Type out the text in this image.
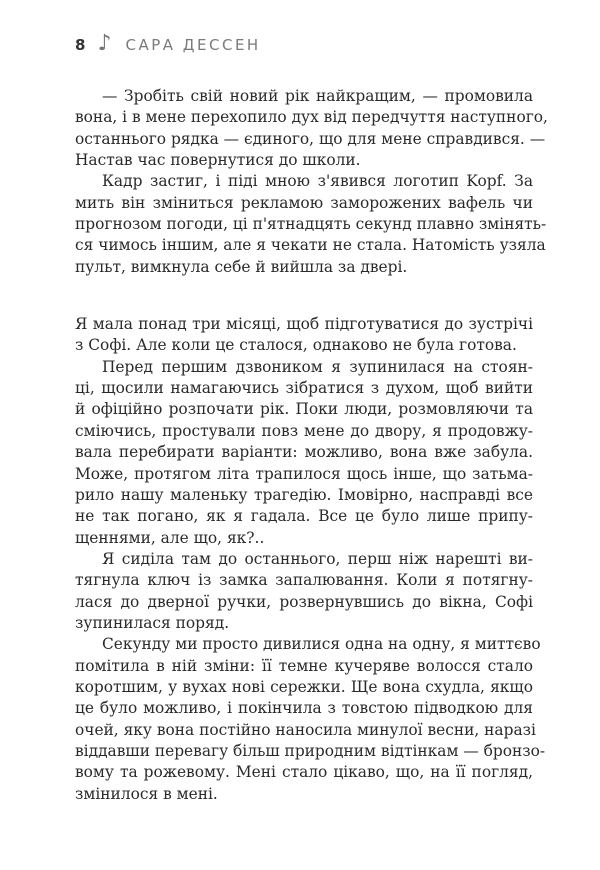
8 ♪ САРА ДЕССЕН
— Зробіть свій новий рік найкращим, — промовила
вона, і в мене перехопило дух від передчуття наступного,
останнього рядка — єдиного, що для мене справдився. —
Настав час повернутися до школи.
Кадр застиг, і піді мною з'явився логотип Kopf. За
мить він зміниться рекламою заморожених вафель чи
прогнозом погоди, ці п'ятнадцять секунд плавно змінять-
ся чимось іншим, але я чекати не стала. Натомість узяла
пульт, вимкнула себе й вийшла за двері.
Я мала понад три місяці, щоб підготуватися до зустрічі
з Софі. Але коли це сталося, однаково не була готова.
Перед першим дзвоником я зупинилася на стоян-
ці, щосили намагаючись зібратися з духом, щоб вийти
й офіційно розпочати рік. Поки люди, розмовляючи та
сміючись, простували повз мене до двору, я продовжу-
вала перебирати варіанти: можливо, вона вже забула.
Може, протягом літа трапилося щось інше, що затьма-
рило нашу маленьку трагедію. Імовірно, насправді все
не так погано, як я гадала. Все це було лише припу-
щеннями, але що, як?..
Я сиділа там до останнього, перш ніж нарешті ви-
тягнула ключ із замка запалювання. Коли я потягну-
лася до дверної ручки, розвернувшись до вікна, Софі
зупинилася поряд.
Секунду ми просто дивилися одна на одну, я миттєво
помітила в ній зміни: її темне кучеряве волосся стало
коротшим, у вухах нові сережки. Ще вона схудла, якщо
це було можливо, і покінчила з товстою підводкою для
очей, яку вона постійно наносила минулої весни, наразі
віддавши перевагу більш природним відтінкам — бронзо-
вому та рожевому. Мені стало цікаво, що, на її погляд,
змінилося в мені.
